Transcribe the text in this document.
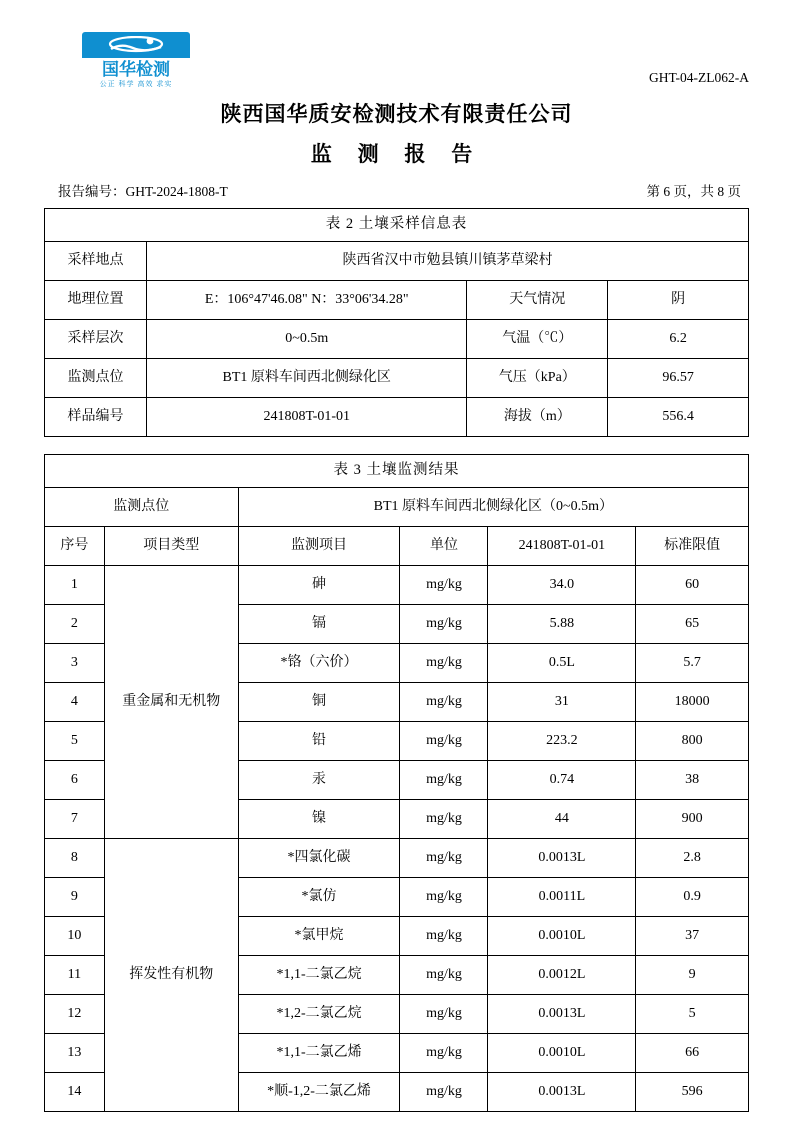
国华检测
公正 科学 高效 求实	GHT-04-ZL062-A
陕西国华质安检测技术有限责任公司
监 测 报 告
报告编号：GHT-2024-1808-T	第 6 页，共 8 页
表 2 土壤采样信息表			
采样地点	陕西省汉中市勉县镇川镇茅草梁村		
地理位置	E：106°47'46.08" N：33°06'34.28"	天气情况	阴
采样层次	0~0.5m	气温（℃）	6.2
监测点位	BT1 原料车间西北侧绿化区	气压（kPa）	96.57
样品编号	241808T-01-01	海拔（m）	556.4
表 3 土壤监测结果					
监测点位		BT1 原料车间西北侧绿化区（0~0.5m）			
序号	项目类型	监测项目	单位	241808T-01-01	标准限值
1	重金属和无机物	砷	mg/kg	34.0	60
2		镉	mg/kg	5.88	65
3		*铬（六价）	mg/kg	0.5L	5.7
4		铜	mg/kg	31	18000
5		铅	mg/kg	223.2	800
6		汞	mg/kg	0.74	38
7		镍	mg/kg	44	900
8	挥发性有机物	*四氯化碳	mg/kg	0.0013L	2.8
9		*氯仿	mg/kg	0.0011L	0.9
10		*氯甲烷	mg/kg	0.0010L	37
11		*1,1-二氯乙烷	mg/kg	0.0012L	9
12		*1,2-二氯乙烷	mg/kg	0.0013L	5
13		*1,1-二氯乙烯	mg/kg	0.0010L	66
14		*顺-1,2-二氯乙烯	mg/kg	0.0013L	596
